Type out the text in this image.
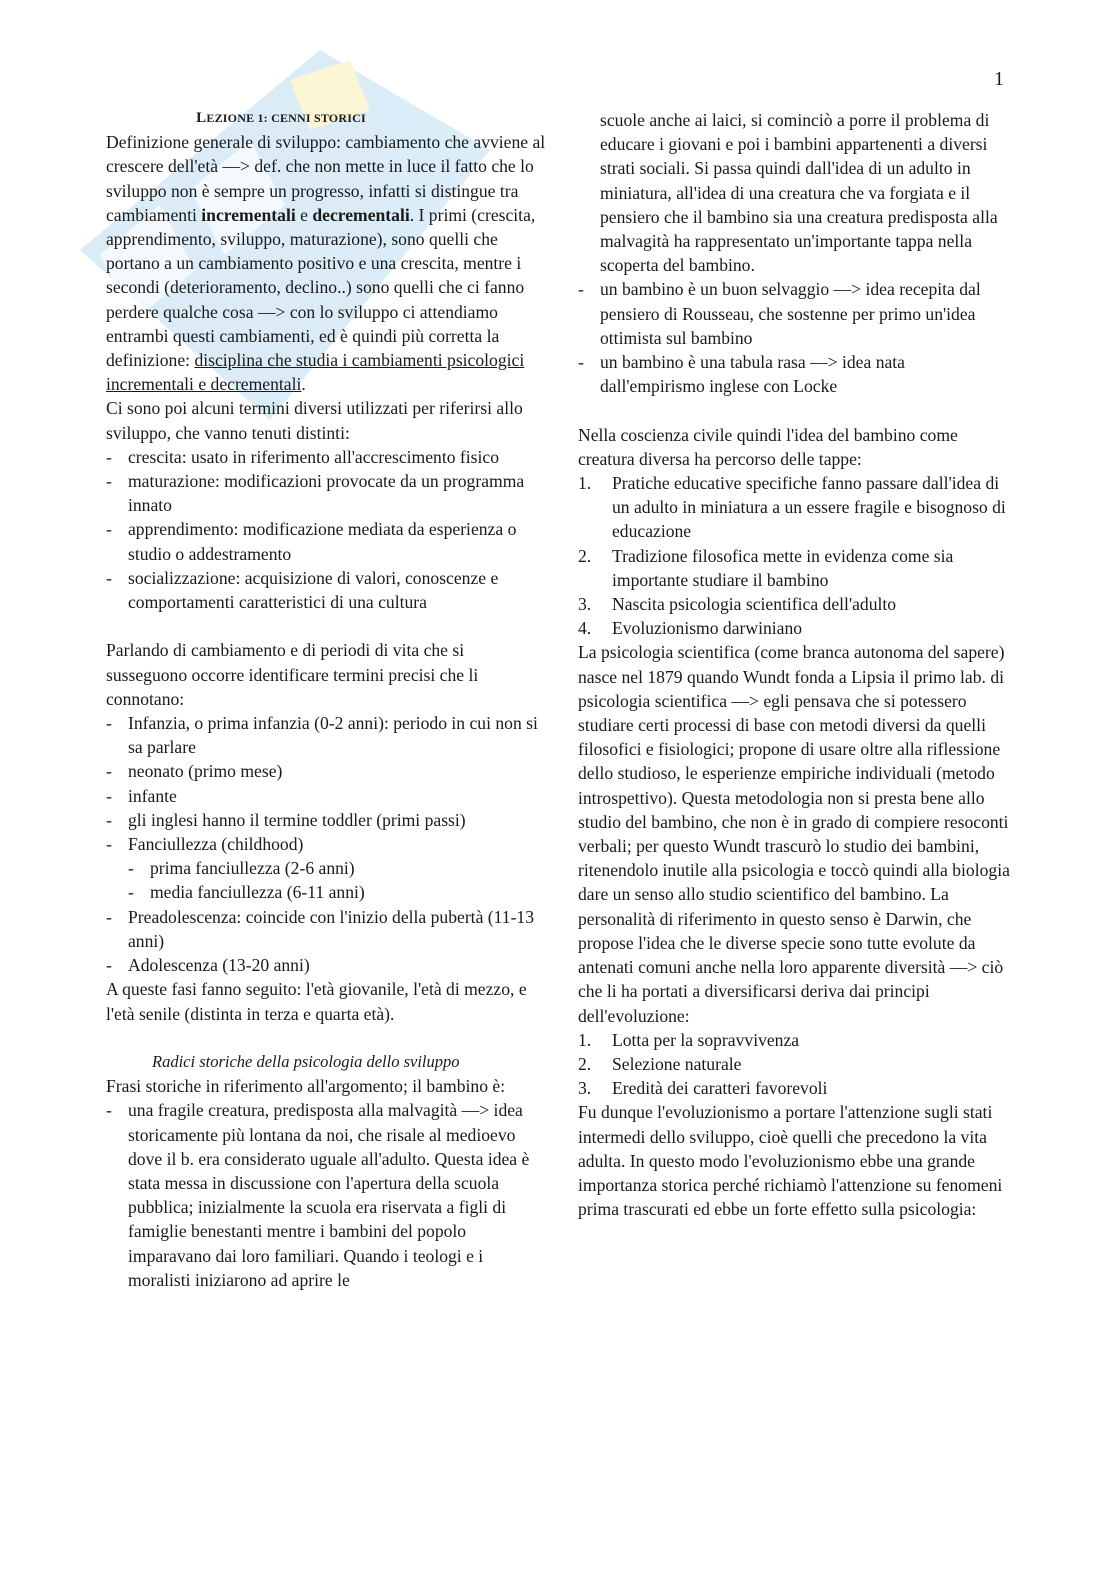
1

LEZIONE 1: CENNI STORICI

Definizione generale di sviluppo: cambiamento che avviene al crescere dell'età —> def. che non mette in luce il fatto che lo sviluppo non è sempre un progresso, infatti si distingue tra cambiamenti incrementali e decrementali. I primi (crescita, apprendimento, sviluppo, maturazione), sono quelli che portano a un cambiamento positivo e una crescita, mentre i secondi (deterioramento, declino..) sono quelli che ci fanno perdere qualche cosa —> con lo sviluppo ci attendiamo entrambi questi cambiamenti, ed è quindi più corretta la definizione: disciplina che studia i cambiamenti psicologici incrementali e decrementali.

Ci sono poi alcuni termini diversi utilizzati per riferirsi allo sviluppo, che vanno tenuti distinti:

- crescita: usato in riferimento all'accrescimento fisico
- maturazione: modificazioni provocate da un programma innato
- apprendimento: modificazione mediata da esperienza o studio o addestramento
- socializzazione: acquisizione di valori, conoscenze e comportamenti caratteristici di una cultura

Parlando di cambiamento e di periodi di vita che si susseguono occorre identificare termini precisi che li connotano:

- Infanzia, o prima infanzia (0-2 anni): periodo in cui non si sa parlare
- neonato (primo mese)
- infante
- gli inglesi hanno il termine toddler (primi passi)
- Fanciullezza (childhood)
- prima fanciullezza (2-6 anni)
- media fanciullezza (6-11 anni)
- Preadolescenza: coincide con l'inizio della pubertà (11-13 anni)
- Adolescenza (13-20 anni)

A queste fasi fanno seguito: l'età giovanile, l'età di mezzo, e l'età senile (distinta in terza e quarta età).

Radici storiche della psicologia dello sviluppo

Frasi storiche in riferimento all'argomento; il bambino è:

- una fragile creatura, predisposta alla malvagità —> idea storicamente più lontana da noi, che risale al medioevo dove il b. era considerato uguale all'adulto. Questa idea è stata messa in discussione con l'apertura della scuola pubblica; inizialmente la scuola era riservata a figli di famiglie benestanti mentre i bambini del popolo imparavano dai loro familiari. Quando i teologi e i moralisti iniziarono ad aprire le

scuole anche ai laici, si cominciò a porre il problema di educare i giovani e poi i bambini appartenenti a diversi strati sociali. Si passa quindi dall'idea di un adulto in miniatura, all'idea di una creatura che va forgiata e il pensiero che il bambino sia una creatura predisposta alla malvagità ha rappresentato un'importante tappa nella scoperta del bambino.

- un bambino è un buon selvaggio —> idea recepita dal pensiero di Rousseau, che sostenne per primo un'idea ottimista sul bambino
- un bambino è una tabula rasa —> idea nata dall'empirismo inglese con Locke

Nella coscienza civile quindi l'idea del bambino come creatura diversa ha percorso delle tappe:

1. Pratiche educative specifiche fanno passare dall'idea di un adulto in miniatura a un essere fragile e bisognoso di educazione
2. Tradizione filosofica mette in evidenza come sia importante studiare il bambino
3. Nascita psicologia scientifica dell'adulto
4. Evoluzionismo darwiniano

La psicologia scientifica (come branca autonoma del sapere) nasce nel 1879 quando Wundt fonda a Lipsia il primo lab. di psicologia scientifica —> egli pensava che si potessero studiare certi processi di base con metodi diversi da quelli filosofici e fisiologici; propone di usare oltre alla riflessione dello studioso, le esperienze empiriche individuali (metodo introspettivo). Questa metodologia non si presta bene allo studio del bambino, che non è in grado di compiere resoconti verbali; per questo Wundt trascurò lo studio dei bambini, ritenendolo inutile alla psicologia e toccò quindi alla biologia dare un senso allo studio scientifico del bambino. La personalità di riferimento in questo senso è Darwin, che propose l'idea che le diverse specie sono tutte evolute da antenati comuni anche nella loro apparente diversità —> ciò che li ha portati a diversificarsi deriva dai principi dell'evoluzione:

1. Lotta per la sopravvivenza
2. Selezione naturale
3. Eredità dei caratteri favorevoli

Fu dunque l'evoluzionismo a portare l'attenzione sugli stati intermedi dello sviluppo, cioè quelli che precedono la vita adulta. In questo modo l'evoluzionismo ebbe una grande importanza storica perché richiamò l'attenzione su fenomeni prima trascurati ed ebbe un forte effetto sulla psicologia:
